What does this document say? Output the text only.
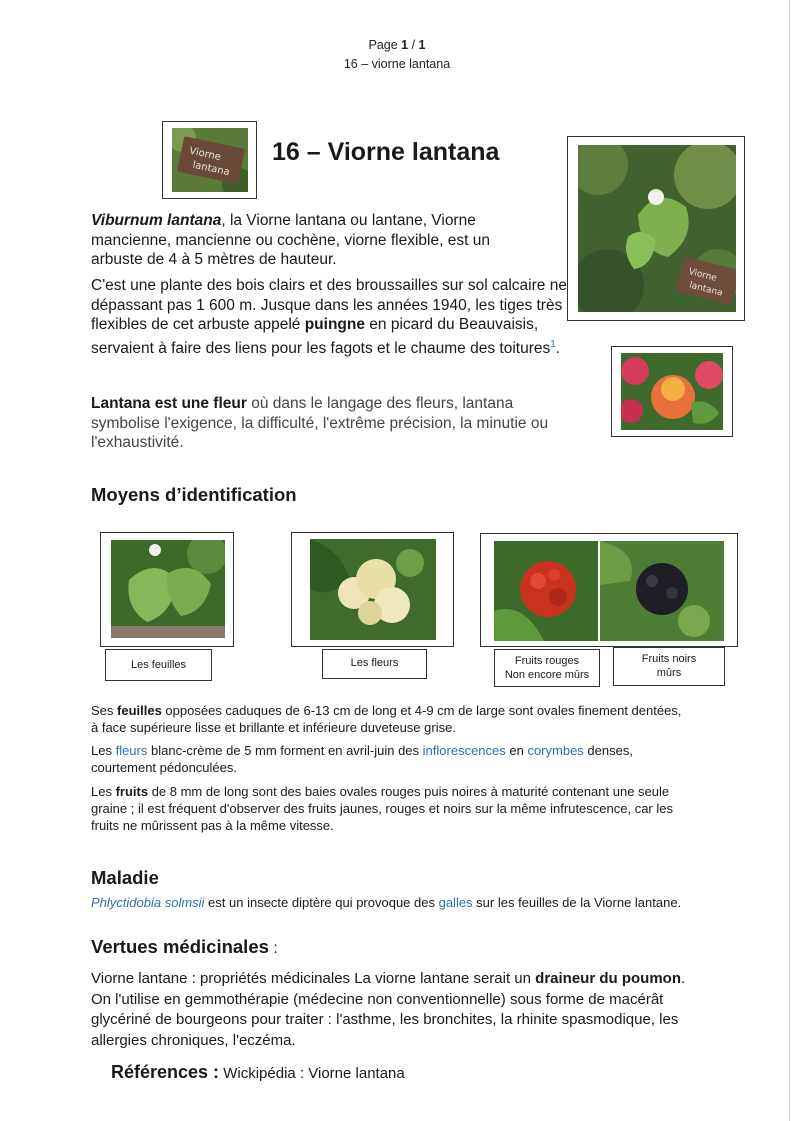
Page 1 / 1
16 – viorne lantana
Viorne
lantana
16 – Viorne lantana
Viorne
lantana

Viburnum lantana, la Viorne lantana ou lantane, Viorne mancienne, mancienne ou cochène, viorne flexible, est un arbuste de 4 à 5 mètres de hauteur.

C'est une plante des bois clairs et des broussailles sur sol calcaire ne dépassant pas 1 600 m. Jusque dans les années 1940, les tiges très flexibles de cet arbuste appelé puingne en picard du Beauvaisis, servaient à faire des liens pour les fagots et le chaume des toitures$^1$.

Lantana est une fleur où dans le langage des fleurs, lantana symbolise l'exigence, la difficulté, l'extrême précision, la minutie ou l'exhaustivité.

Moyens d’identification
Les feuilles	Les fleurs	Fruits rouges
Non encore mûrs
Fruits noirs
mûrs

Ses feuilles opposées caduques de 6-13 cm de long et 4-9 cm de large sont ovales finement dentées, à face supérieure lisse et brillante et inférieure duveteuse grise.

Les fleurs blanc-crème de 5 mm forment en avril-juin des inflorescences en corymbes denses, courtement pédonculées.

Les fruits de 8 mm de long sont des baies ovales rouges puis noires à maturité contenant une seule graine ; il est fréquent d'observer des fruits jaunes, rouges et noirs sur la même infrutescence, car les fruits ne mûrissent pas à la même vitesse.

Maladie

Phlyctidobia solmsii est un insecte diptère qui provoque des galles sur les feuilles de la Viorne lantane.

Vertues médicinales :

Viorne lantane : propriétés médicinales La viorne lantane serait un draineur du poumon. On l'utilise en gemmothérapie (médecine non conventionnelle) sous forme de macérât glycériné de bourgeons pour traiter : l'asthme, les bronchites, la rhinite spasmodique, les allergies chroniques, l'eczéma.

Références : Wickipédia : Viorne lantana
